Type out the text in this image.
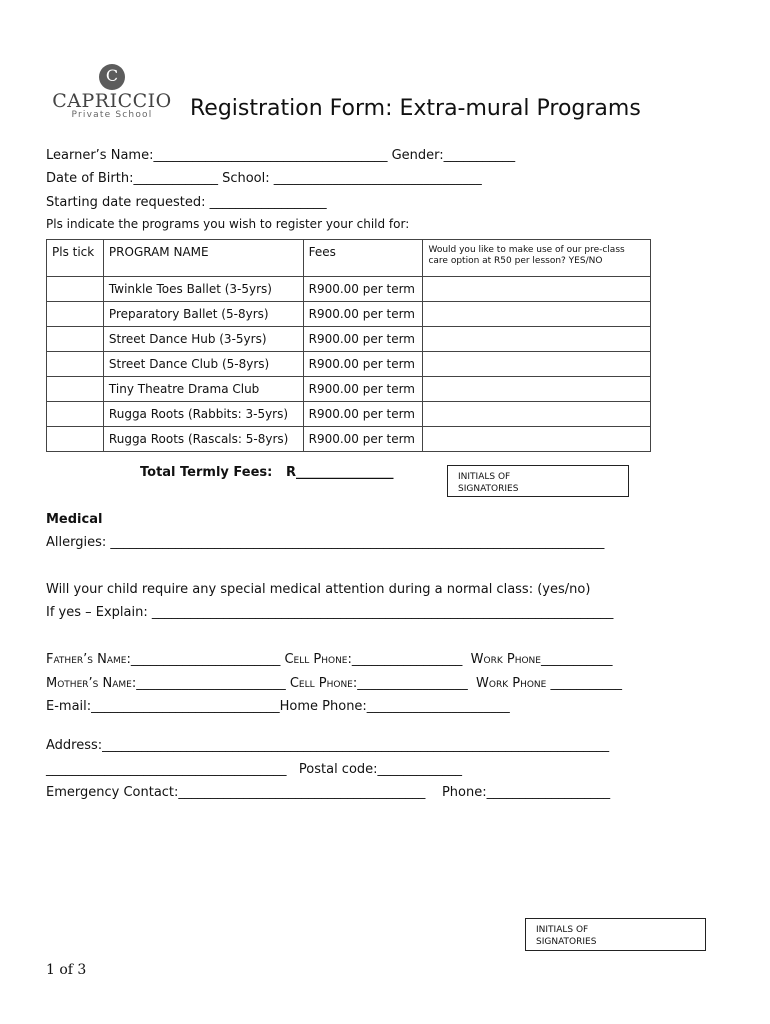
C
CAPRICCIO
Private School	Registration Form: Extra-mural Programs
Learner’s Name:____________________________________ Gender:___________
Date of Birth:_____________ School: ________________________________
Starting date requested: __________________
Pls indicate the programs you wish to register your child for:
Pls tick	PROGRAM NAME	Fees	Would you like to make use of our pre-class care option at R50 per lesson? YES/NO
	Twinkle Toes Ballet (3-5yrs)	R900.00 per term	
	Preparatory Ballet (5-8yrs)	R900.00 per term	
	Street Dance Hub (3-5yrs)	R900.00 per term	
	Street Dance Club (5-8yrs)	R900.00 per term	
	Tiny Theatre Drama Club	R900.00 per term	
	Rugga Roots (Rabbits: 3-5yrs)	R900.00 per term	
	Rugga Roots (Rascals: 5-8yrs)	R900.00 per term	
Total Termly Fees: R_______________	INITIALS OF
SIGNATORIES
Medical
Allergies: ____________________________________________________________________________
Will your child require any special medical attention during a normal class: (yes/no)
If yes – Explain: _______________________________________________________________________
Father’s Name:_______________________ Cell Phone:_________________  Work Phone___________
Mother’s Name:_______________________ Cell Phone:_________________  Work Phone ___________
E-mail:_____________________________Home Phone:______________________
Address:______________________________________________________________________________
_____________________________________   Postal code:_____________
Emergency Contact:______________________________________    Phone:___________________
INITIALS OF
SIGNATORIES
1 of 3
